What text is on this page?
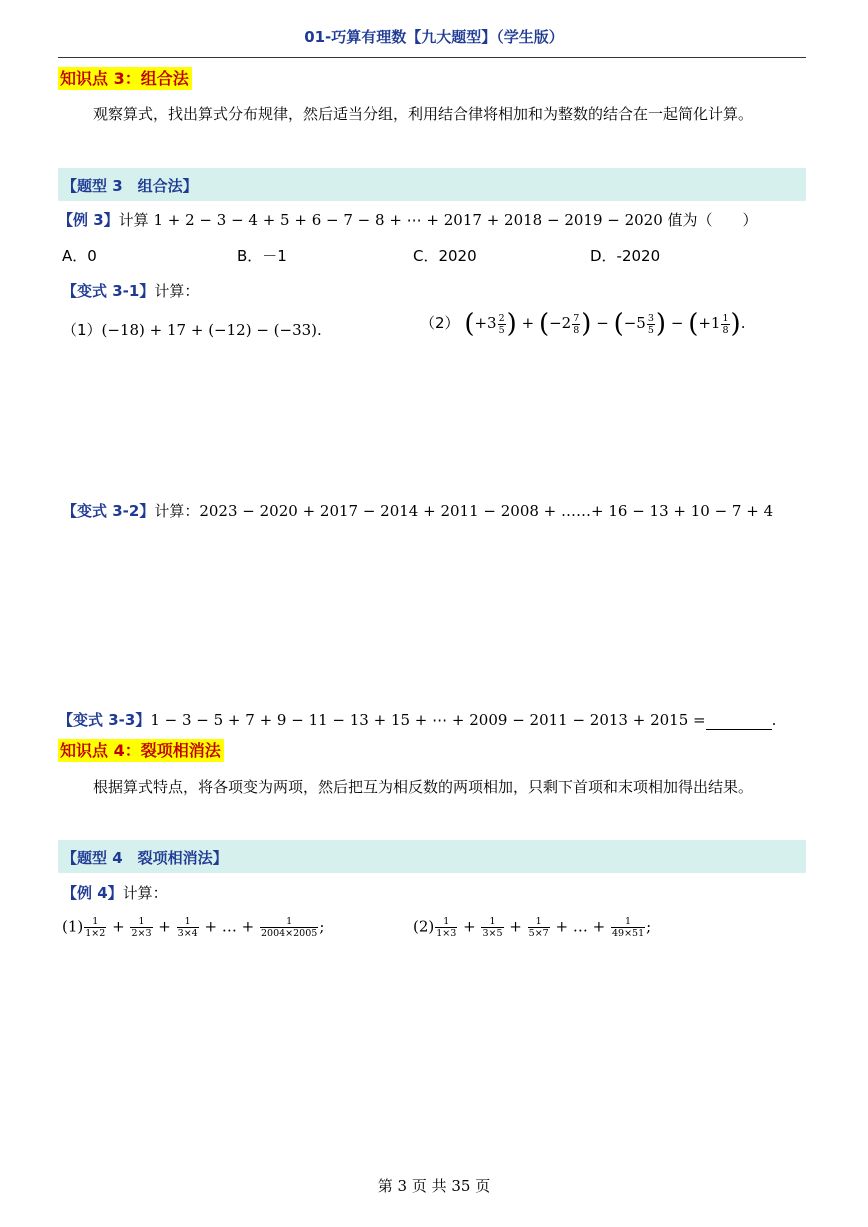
01-巧算有理数【九大题型】（学生版）
知识点 3：组合法
观察算式，找出算式分布规律，然后适当分组，利用结合律将相加和为整数的结合在一起简化计算。
【题型 3　组合法】
【例 3】计算 1 + 2 − 3 − 4 + 5 + 6 − 7 − 8 + ⋯ + 2017 + 2018 − 2019 − 2020 值为（　　）
A．0	B．－1	C．2020	D．-2020
【变式 3-1】计算：
（1）(−18) + 17 + (−12) − (−33).	（2） ($+3 \frac{2}{5}$ ) + ($-2 \frac{7}{8}$ ) − ($-5 \frac{3}{5}$ ) − ($+1 \frac{1}{8}$ ).
【变式 3-2】计算：2023 − 2020 + 2017 − 2014 + 2011 − 2008 + ……+ 16 − 13 + 10 − 7 + 4
【变式 3-3】1 − 3 − 5 + 7 + 9 − 11 − 13 + 15 + ⋯ + 2009 − 2011 − 2013 + 2015 =	.
知识点 4：裂项相消法
根据算式特点，将各项变为两项，然后把互为相反数的两项相加，只剩下首项和末项相加得出结果。
【题型 4　裂项相消法】
【例 4】计算：
$(1) \frac{1}{1\times 2} + \frac{1}{2\times 3} + \frac{1}{3\times 4}$ + … + $\frac{1}{2004\times 2005}$ ;	$(2) \frac{1}{1\times 3} + \frac{1}{3\times 5} + \frac{1}{5\times 7}$ + … + $\frac{1}{49\times 51}$ ;
第 3 页 共 35 页
